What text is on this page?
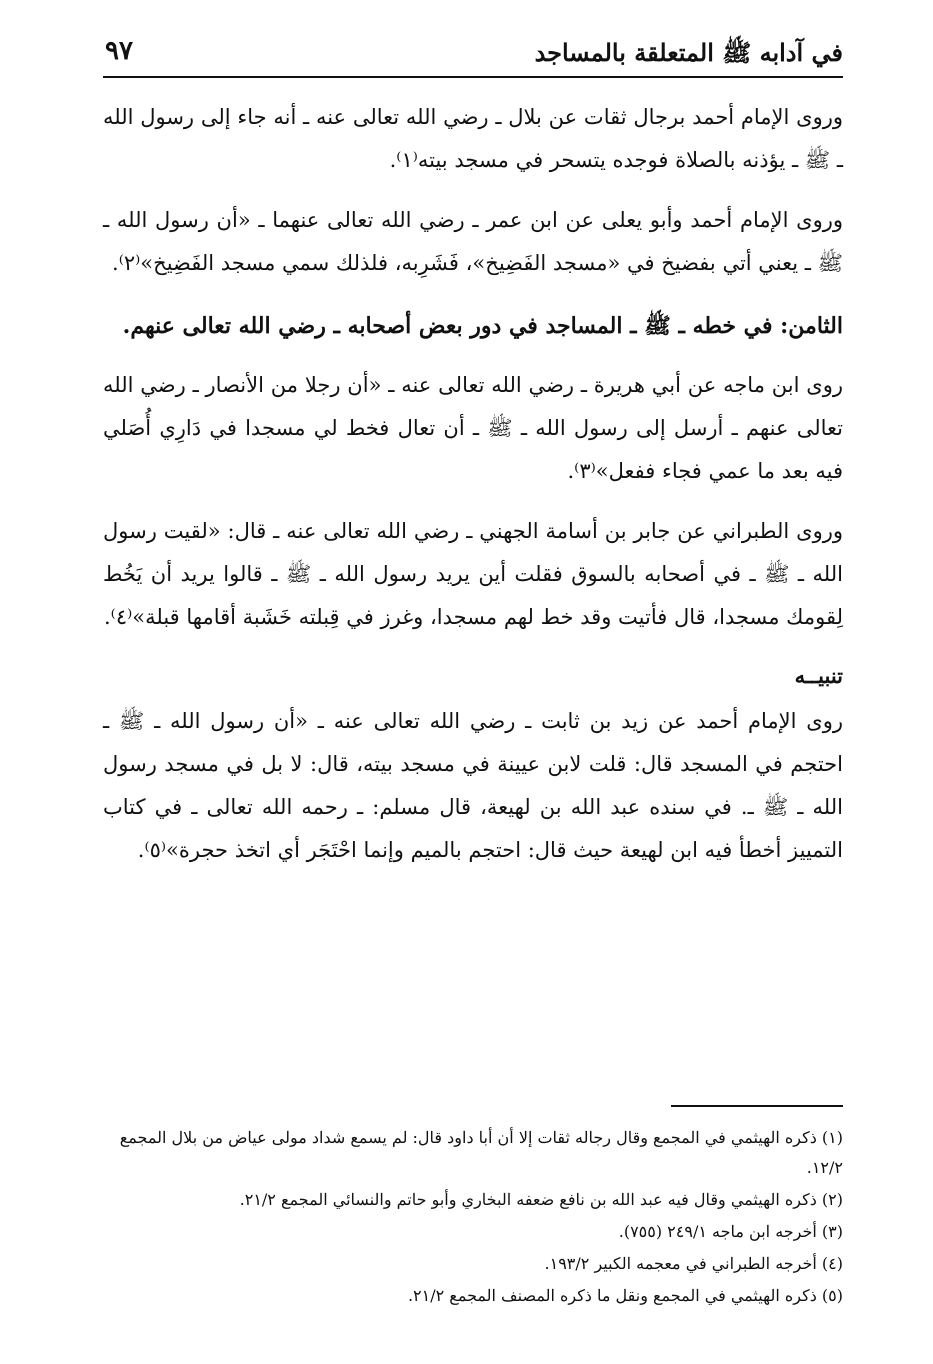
في آدابه ﷺ المتعلقة بالمساجد
٩٧

وروى الإمام أحمد برجال ثقات عن بلال ـ رضي الله تعالى عنه ـ أنه جاء إلى رسول الله ـ ﷺ ـ يؤذنه بالصلاة فوجده يتسحر في مسجد بيته⁽١⁾.

وروى الإمام أحمد وأبو يعلى عن ابن عمر ـ رضي الله تعالى عنهما ـ «أن رسول الله ـ ﷺ ـ يعني أتي بفضيخ في «مسجد الفَضِيخ»، فَشَرِبه، فلذلك سمي مسجد الفَضِيخ»⁽٢⁾.

الثامن: في خطه ـ ﷺ ـ المساجد في دور بعض أصحابه ـ رضي الله تعالى عنهم.

روى ابن ماجه عن أبي هريرة ـ رضي الله تعالى عنه ـ «أن رجلا من الأنصار ـ رضي الله تعالى عنهم ـ أرسل إلى رسول الله ـ ﷺ ـ أن تعال فخط لي مسجدا في دَارِي أُصَلي فيه بعد ما عمي فجاء ففعل»⁽٣⁾.

وروى الطبراني عن جابر بن أسامة الجهني ـ رضي الله تعالى عنه ـ قال: «لقيت رسول الله ـ ﷺ ـ في أصحابه بالسوق فقلت أين يريد رسول الله ـ ﷺ ـ قالوا يريد أن يَخُط لِقومك مسجدا، قال فأتيت وقد خط لهم مسجدا، وغرز في قِبلته خَشَبة أقامها قبلة»⁽٤⁾.

تنبيــه

روى الإمام أحمد عن زيد بن ثابت ـ رضي الله تعالى عنه ـ «أن رسول الله ـ ﷺ ـ احتجم في المسجد قال: قلت لابن عيينة في مسجد بيته، قال: لا بل في مسجد رسول الله ـ ﷺ ـ. في سنده عبد الله بن لهيعة، قال مسلم: ـ رحمه الله تعالى ـ في كتاب التمييز أخطأ فيه ابن لهيعة حيث قال: احتجم بالميم وإنما احْتَجَر أي اتخذ حجرة»⁽٥⁾.

(١) ذكره الهيثمي في المجمع وقال رجاله ثقات إلا أن أبا داود قال: لم يسمع شداد مولى عياض من بلال المجمع ١٢/٢.

(٢) ذكره الهيثمي وقال فيه عبد الله بن نافع ضعفه البخاري وأبو حاتم والنسائي المجمع ٢١/٢.

(٣) أخرجه ابن ماجه ٢٤٩/١ (٧٥٥).

(٤) أخرجه الطبراني في معجمه الكبير ١٩٣/٢.

(٥) ذكره الهيثمي في المجمع ونقل ما ذكره المصنف المجمع ٢١/٢.
